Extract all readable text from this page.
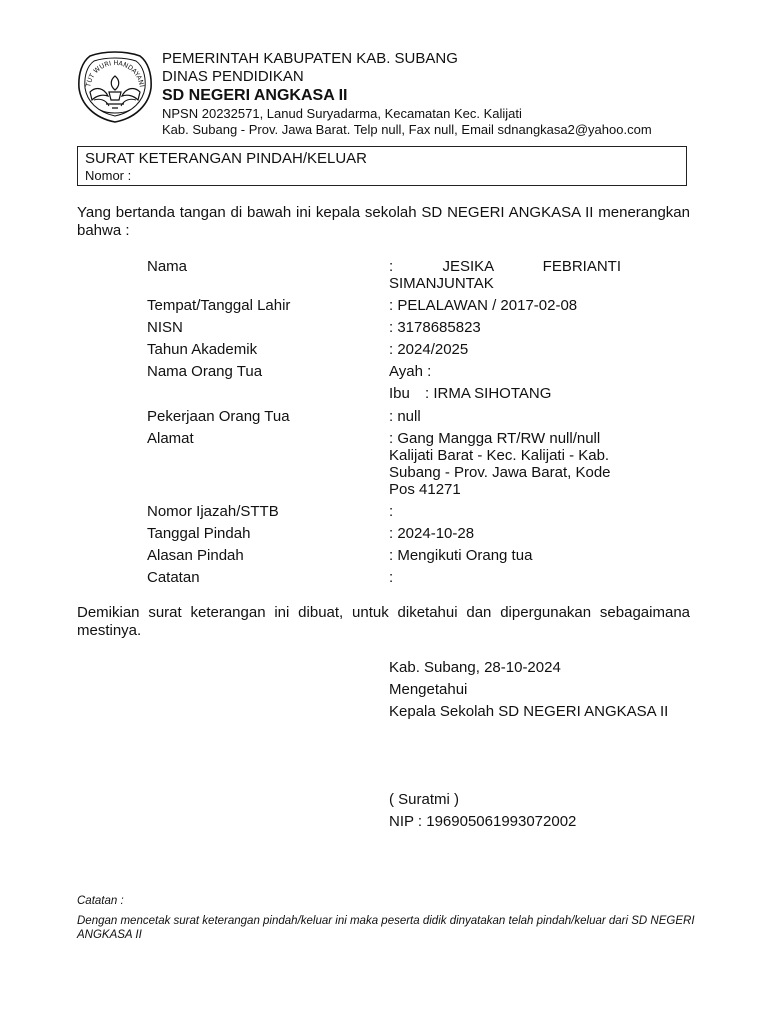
TUT WURI HANDAYANI
PEMERINTAH KABUPATEN KAB. SUBANG
DINAS PENDIDIKAN
SD NEGERI ANGKASA II
NPSN 20232571, Lanud Suryadarma, Kecamatan Kec. Kalijati
Kab. Subang - Prov. Jawa Barat. Telp null, Fax null, Email sdnangkasa2@yahoo.com
SURAT KETERANGAN PINDAH/KELUAR
Nomor :
Yang bertanda tangan di bawah ini kepala sekolah SD NEGERI ANGKASA II menerangkan bahwa :
Nama	: JESIKA FEBRIANTI SIMANJUNTAK
Tempat/Tanggal Lahir	: PELALAWAN / 2017-02-08
NISN	: 3178685823
Tahun Akademik	: 2024/2025
Nama Orang Tua	Ayah :
Ibu	: IRMA SIHOTANG
Pekerjaan Orang Tua	: null
Alamat	: Gang Mangga RT/RW null/null Kalijati Barat - Kec. Kalijati - Kab. Subang - Prov. Jawa Barat, Kode Pos 41271
Nomor Ijazah/STTB	:
Tanggal Pindah	: 2024-10-28
Alasan Pindah	: Mengikuti Orang tua
Catatan	:
Demikian surat keterangan ini dibuat, untuk diketahui dan dipergunakan sebagaimana mestinya.
Kab. Subang, 28-10-2024
Mengetahui
Kepala Sekolah SD NEGERI ANGKASA II
( Suratmi )
NIP : 196905061993072002
Catatan :
Dengan mencetak surat keterangan pindah/keluar ini maka peserta didik dinyatakan telah pindah/keluar dari SD NEGERI ANGKASA II
